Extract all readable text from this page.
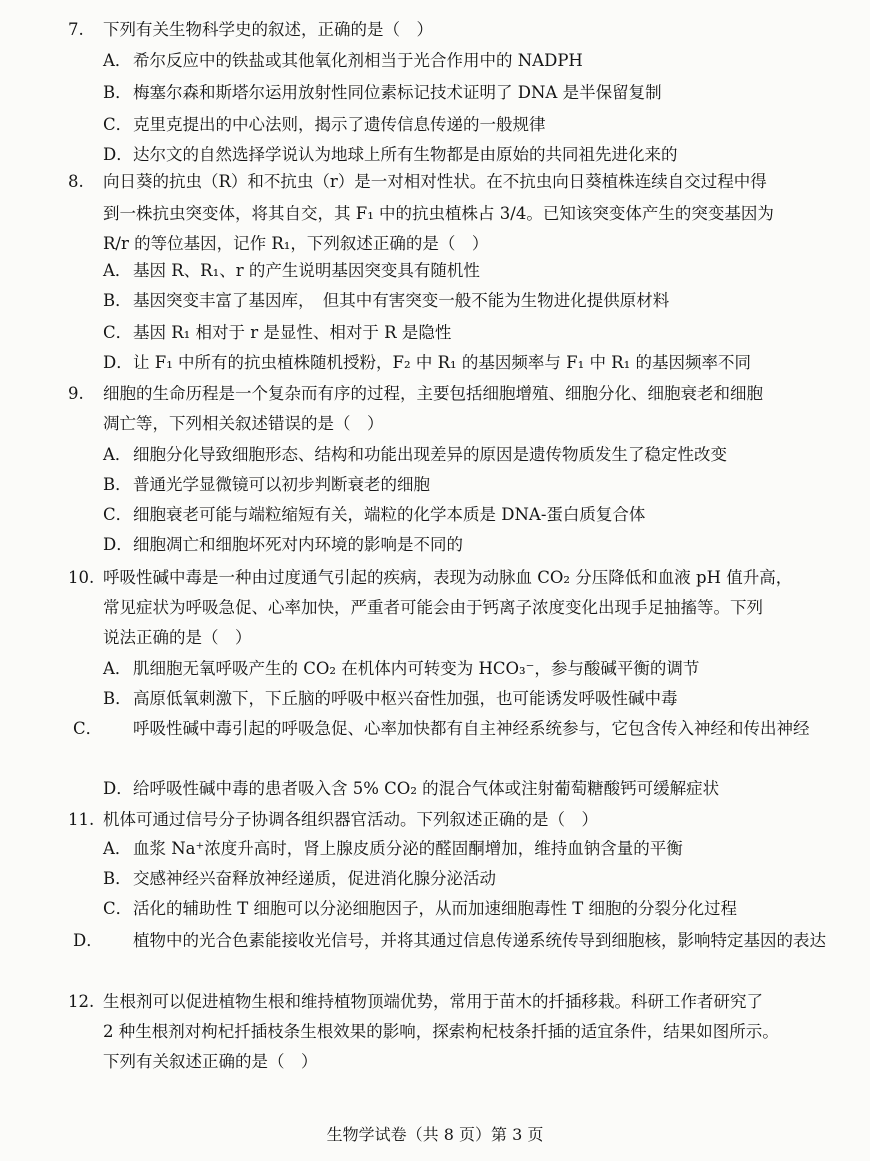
7. 下列有关生物科学史的叙述，正确的是（　）
A．希尔反应中的铁盐或其他氧化剂相当于光合作用中的 NADPH
B．梅塞尔森和斯塔尔运用放射性同位素标记技术证明了 DNA 是半保留复制
C．克里克提出的中心法则，揭示了遗传信息传递的一般规律
D．达尔文的自然选择学说认为地球上所有生物都是由原始的共同祖先进化来的
8. 向日葵的抗虫（R）和不抗虫（r）是一对相对性状。在不抗虫向日葵植株连续自交过程中得
到一株抗虫突变体，将其自交，其 F₁ 中的抗虫植株占 3/4。已知该突变体产生的突变基因为
R/r 的等位基因，记作 R₁，下列叙述正确的是（　）
A．基因 R、R₁、r 的产生说明基因突变具有随机性
B．基因突变丰富了基因库，　但其中有害突变一般不能为生物进化提供原材料
C．基因 R₁ 相对于 r 是显性、相对于 R 是隐性
D．让 F₁ 中所有的抗虫植株随机授粉，F₂ 中 R₁ 的基因频率与 F₁ 中 R₁ 的基因频率不同
9. 细胞的生命历程是一个复杂而有序的过程，主要包括细胞增殖、细胞分化、细胞衰老和细胞
凋亡等，下列相关叙述错误的是（　）
A．细胞分化导致细胞形态、结构和功能出现差异的原因是遗传物质发生了稳定性改变
B．普通光学显微镜可以初步判断衰老的细胞
C．细胞衰老可能与端粒缩短有关，端粒的化学本质是 DNA-蛋白质复合体
D．细胞凋亡和细胞坏死对内环境的影响是不同的
10. 呼吸性碱中毒是一种由过度通气引起的疾病，表现为动脉血 CO₂ 分压降低和血液 pH 值升高，
常见症状为呼吸急促、心率加快，严重者可能会由于钙离子浓度变化出现手足抽搐等。下列
说法正确的是（　）
A．肌细胞无氧呼吸产生的 CO₂ 在机体内可转变为 HCO₃⁻，参与酸碱平衡的调节
B．高原低氧刺激下，下丘脑的呼吸中枢兴奋性加强，也可能诱发呼吸性碱中毒
C． 呼吸性碱中毒引起的呼吸急促、心率加快都有自主神经系统参与，它包含传入神经和传出神经
D．给呼吸性碱中毒的患者吸入含 5% CO₂ 的混合气体或注射葡萄糖酸钙可缓解症状
11. 机体可通过信号分子协调各组织器官活动。下列叙述正确的是（　）
A．血浆 Na⁺浓度升高时，肾上腺皮质分泌的醛固酮增加，维持血钠含量的平衡
B．交感神经兴奋释放神经递质，促进消化腺分泌活动
C．活化的辅助性 T 细胞可以分泌细胞因子，从而加速细胞毒性 T 细胞的分裂分化过程
D． 植物中的光合色素能接收光信号，并将其通过信息传递系统传导到细胞核，影响特定基因的表达
12. 生根剂可以促进植物生根和维持植物顶端优势，常用于苗木的扦插移栽。科研工作者研究了
2 种生根剂对枸杞扦插枝条生根效果的影响，探索枸杞枝条扦插的适宜条件，结果如图所示。
下列有关叙述正确的是（　）
生物学试卷（共 8 页）第 3 页
